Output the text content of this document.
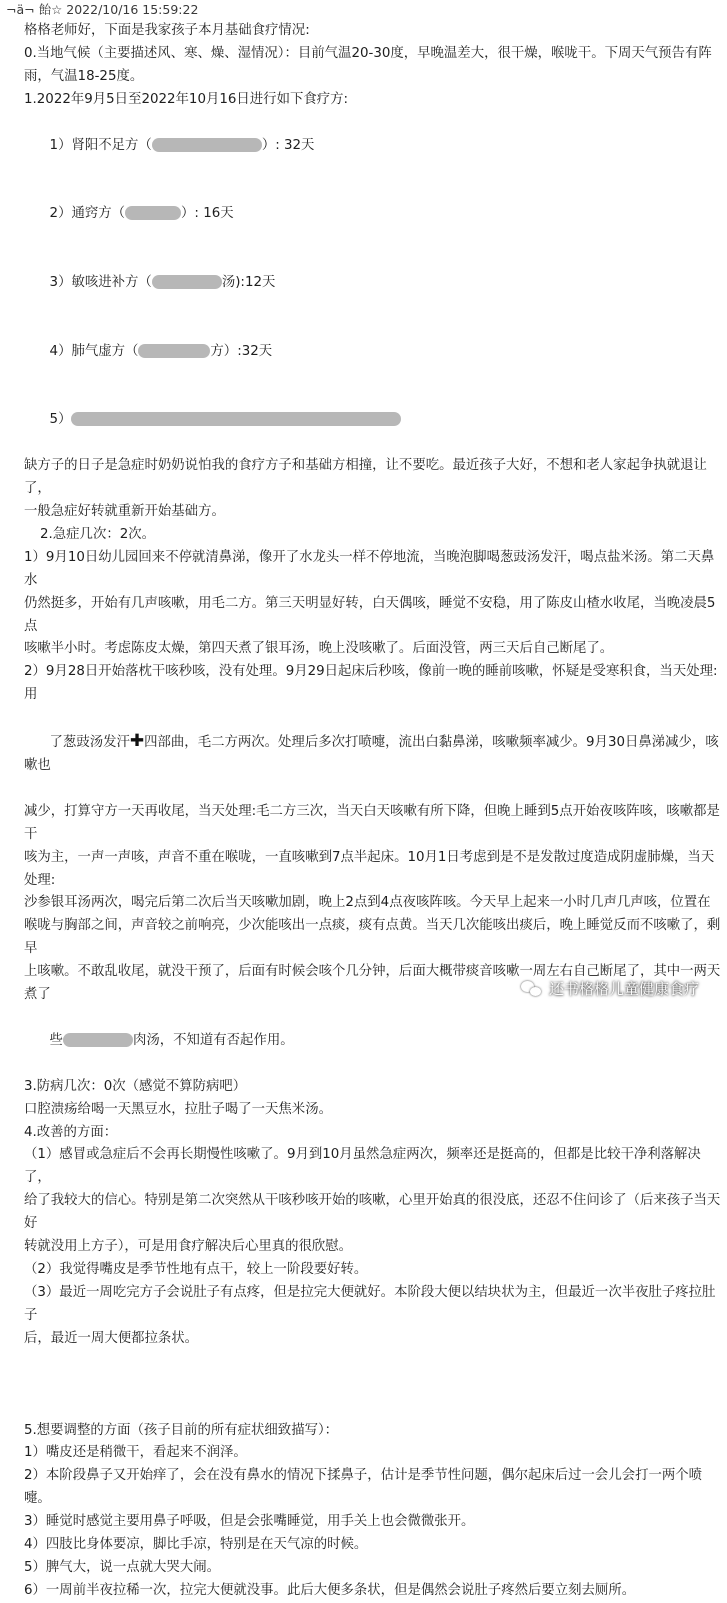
¬ä¬ 飴☆ 2022/10/16 15:59:22

格格老师好，下面是我家孩子本月基础食疗情况:

0.当地气候（主要描述风、寒、燥、湿情况）：目前气温20-30度，早晚温差大，很干燥，喉咙干。下周天气预告有阵

雨，气温18-25度。

1.2022年9月5日至2022年10月16日进行如下食疗方:

1）肾阳不足方（	）: 32天

2）通窍方（	）: 16天

3）敏咳进补方（	汤):12天

4）肺气虚方（	方）:32天

5）

缺方子的日子是急症时奶奶说怕我的食疗方子和基础方相撞，让不要吃。最近孩子大好，不想和老人家起争执就退让了，

一般急症好转就重新开始基础方。

2.急症几次：2次。

1）9月10日幼儿园回来不停就清鼻涕，像开了水龙头一样不停地流，当晚泡脚喝葱豉汤发汗，喝点盐米汤。第二天鼻水

仍然挺多，开始有几声咳嗽，用毛二方。第三天明显好转，白天偶咳，睡觉不安稳，用了陈皮山楂水收尾，当晚凌晨5点

咳嗽半小时。考虑陈皮太燥，第四天煮了银耳汤，晚上没咳嗽了。后面没管，两三天后自己断尾了。

2）9月28日开始落枕干咳秒咳，没有处理。9月29日起床后秒咳，像前一晚的睡前咳嗽，怀疑是受寒积食，当天处理:用

了葱豉汤发汗✚四部曲，毛二方两次。处理后多次打喷嚏，流出白黏鼻涕，咳嗽频率减少。9月30日鼻涕减少，咳嗽也

减少，打算守方一天再收尾，当天处理:毛二方三次，当天白天咳嗽有所下降，但晚上睡到5点开始夜咳阵咳，咳嗽都是干

咳为主，一声一声咳，声音不重在喉咙，一直咳嗽到7点半起床。10月1日考虑到是不是发散过度造成阴虚肺燥，当天处理:

沙参银耳汤两次，喝完后第二次后当天咳嗽加剧，晚上2点到4点夜咳阵咳。今天早上起来一小时几声几声咳，位置在

喉咙与胸部之间，声音较之前响亮，少次能咳出一点痰，痰有点黄。当天几次能咳出痰后，晚上睡觉反而不咳嗽了，剩早

上咳嗽。不敢乱收尾，就没干预了，后面有时候会咳个几分钟，后面大概带痰音咳嗽一周左右自己断尾了，其中一两天煮了

些	肉汤，不知道有否起作用。

3.防病几次：0次（感觉不算防病吧）

口腔溃疡给喝一天黑豆水，拉肚子喝了一天焦米汤。

4.改善的方面：

（1）感冒或急症后不会再长期慢性咳嗽了。9月到10月虽然急症两次，频率还是挺高的，但都是比较干净利落解决了，

给了我较大的信心。特别是第二次突然从干咳秒咳开始的咳嗽，心里开始真的很没底，还忍不住问诊了（后来孩子当天好

转就没用上方子），可是用食疗解决后心里真的很欣慰。

（2）我觉得嘴皮是季节性地有点干，较上一阶段要好转。

（3）最近一周吃完方子会说肚子有点疼，但是拉完大便就好。本阶段大便以结块状为主，但最近一次半夜肚子疼拉肚子

后，最近一周大便都拉条状。

5.想要调整的方面（孩子目前的所有症状细致描写）：

1）嘴皮还是稍微干，看起来不润泽。

2）本阶段鼻子又开始痒了，会在没有鼻水的情况下揉鼻子，估计是季节性问题，偶尔起床后过一会儿会打一两个喷嚏。

3）睡觉时感觉主要用鼻子呼吸，但是会张嘴睡觉，用手关上也会微微张开。

4）四肢比身体要凉，脚比手凉，特别是在天气凉的时候。

5）脾气大，说一点就大哭大闹。

6）一周前半夜拉稀一次，拉完大便就没事。此后大便多条状，但是偶然会说肚子疼然后要立刻去厕所。

还书格格儿童健康食疗
